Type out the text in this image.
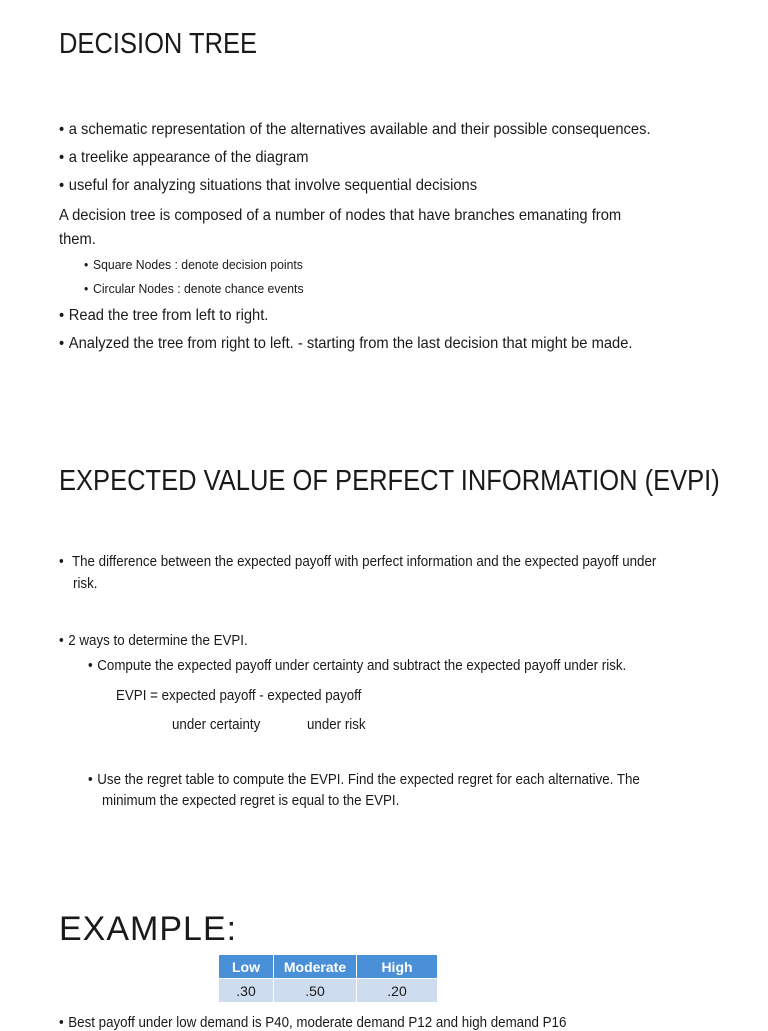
DECISION TREE
• a schematic representation of the alternatives available and their possible consequences.
• a treelike appearance of the diagram
• useful for analyzing situations that involve sequential decisions
A decision tree is composed of a number of nodes that have branches emanating from
them.
• Square Nodes : denote decision points
• Circular Nodes : denote chance events
• Read the tree from left to right.
• Analyzed the tree from right to left. - starting from the last decision that might be made.
EXPECTED VALUE OF PERFECT INFORMATION (EVPI)
• The difference between the expected payoff with perfect information and the expected payoff under
risk.
• 2 ways to determine the EVPI.
• Compute the expected payoff under certainty and subtract the expected payoff under risk.
EVPI = expected payoff - expected payoff
under certainty	under risk
• Use the regret table to compute the EVPI. Find the expected regret for each alternative. The
minimum the expected regret is equal to the EVPI.
EXAMPLE:
Low	Moderate	High
.30	.50	.20
• Best payoff under low demand is P40, moderate demand P12 and high demand P16
